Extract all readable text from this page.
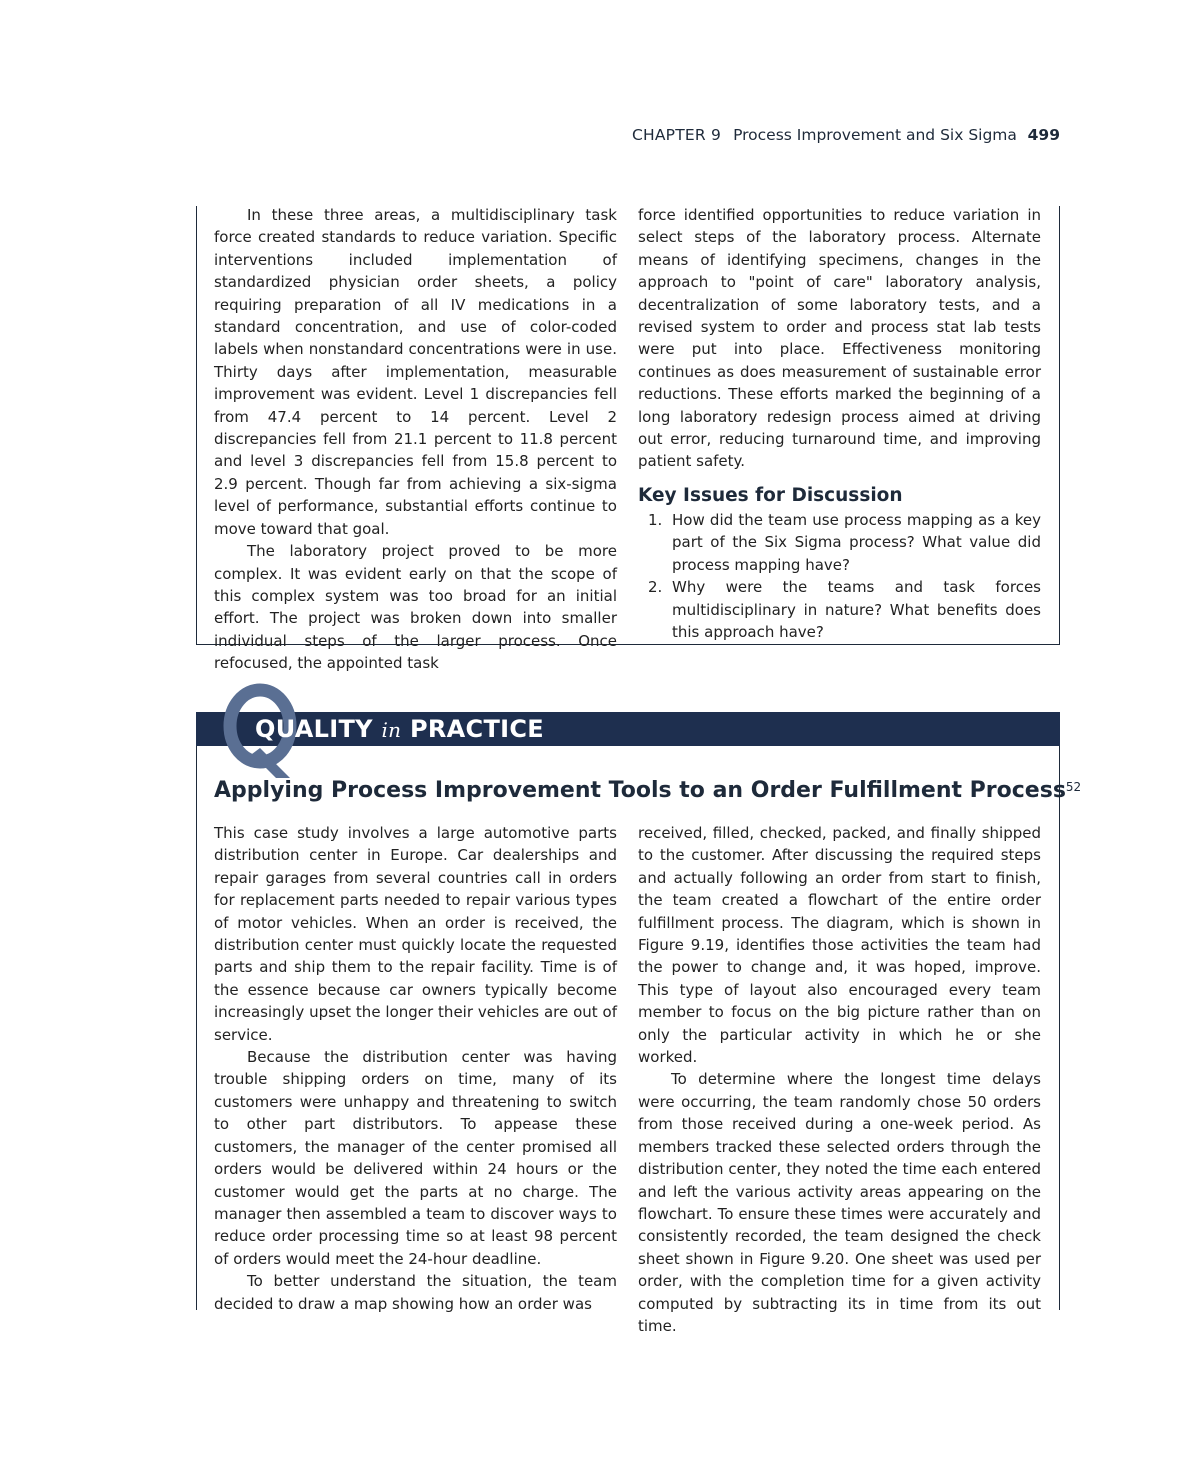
CHAPTER 9 Process Improvement and Six Sigma 499

In these three areas, a multidisciplinary task force created standards to reduce variation. Specific interventions included implementation of standardized physician order sheets, a policy requiring preparation of all IV medications in a standard concentration, and use of color-coded labels when nonstandard concentrations were in use. Thirty days after implementation, measurable improvement was evident. Level 1 discrepancies fell from 47.4 percent to 14 percent. Level 2 discrepancies fell from 21.1 percent to 11.8 percent and level 3 discrepancies fell from 15.8 percent to 2.9 percent. Though far from achieving a six-sigma level of performance, substantial efforts continue to move toward that goal.

The laboratory project proved to be more complex. It was evident early on that the scope of this complex system was too broad for an initial effort. The project was broken down into smaller individual steps of the larger process. Once refocused, the appointed task

force identified opportunities to reduce variation in select steps of the laboratory process. Alternate means of identifying specimens, changes in the approach to "point of care" laboratory analysis, decentralization of some laboratory tests, and a revised system to order and process stat lab tests were put into place. Effectiveness monitoring continues as does measurement of sustainable error reductions. These efforts marked the beginning of a long laboratory redesign process aimed at driving out error, reducing turnaround time, and improving patient safety.

Key Issues for Discussion
1. How did the team use process mapping as a key part of the Six Sigma process? What value did process mapping have?
2. Why were the teams and task forces multidisciplinary in nature? What benefits does this approach have?
QUALITY in PRACTICE
Applying Process Improvement Tools to an Order Fulfillment Process$^{52}$

This case study involves a large automotive parts distribution center in Europe. Car dealerships and repair garages from several countries call in orders for replacement parts needed to repair various types of motor vehicles. When an order is received, the distribution center must quickly locate the requested parts and ship them to the repair facility. Time is of the essence because car owners typically become increasingly upset the longer their vehicles are out of service.

Because the distribution center was having trouble shipping orders on time, many of its customers were unhappy and threatening to switch to other part distributors. To appease these customers, the manager of the center promised all orders would be delivered within 24 hours or the customer would get the parts at no charge. The manager then assembled a team to discover ways to reduce order processing time so at least 98 percent of orders would meet the 24-hour deadline.

To better understand the situation, the team decided to draw a map showing how an order was

received, filled, checked, packed, and finally shipped to the customer. After discussing the required steps and actually following an order from start to finish, the team created a flowchart of the entire order fulfillment process. The diagram, which is shown in Figure 9.19, identifies those activities the team had the power to change and, it was hoped, improve. This type of layout also encouraged every team member to focus on the big picture rather than on only the particular activity in which he or she worked.

To determine where the longest time delays were occurring, the team randomly chose 50 orders from those received during a one-week period. As members tracked these selected orders through the distribution center, they noted the time each entered and left the various activity areas appearing on the flowchart. To ensure these times were accurately and consistently recorded, the team designed the check sheet shown in Figure 9.20. One sheet was used per order, with the completion time for a given activity computed by subtracting its in time from its out time.
